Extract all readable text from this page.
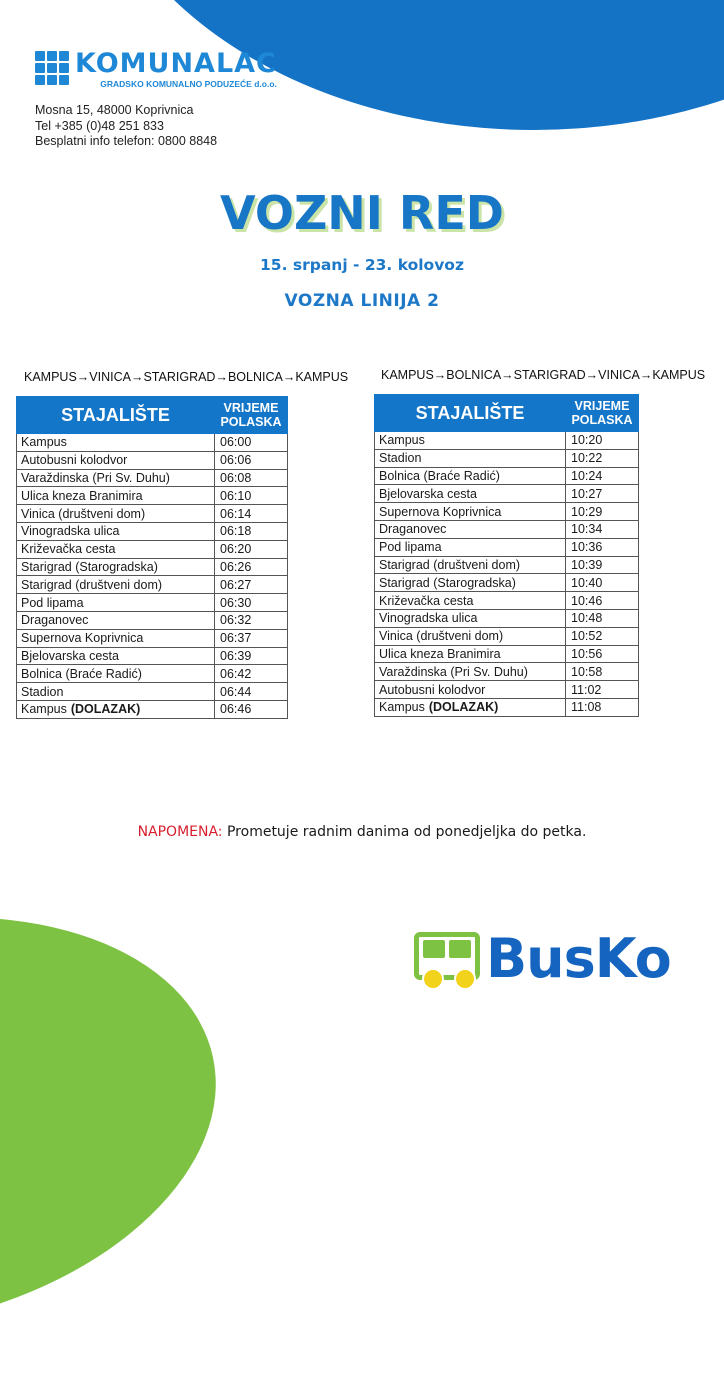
KOMUNALAC
GRADSKO KOMUNALNO PODUZEĆE d.o.o.
Mosna 15, 48000 Koprivnica
Tel +385 (0)48 251 833
Besplatni info telefon: 0800 8848
VOZNI RED
15. srpanj - 23. kolovoz
VOZNA LINIJA 2
KAMPUS→VINICA→STARIGRAD→BOLNICA→KAMPUS	KAMPUS→BOLNICA→STARIGRAD→VINICA→KAMPUS
STAJALIŠTE	VRIJEME
POLASKA

Kampus	06:00
Autobusni kolodvor	06:06
Varaždinska (Pri Sv. Duhu)	06:08
Ulica kneza Branimira	06:10
Vinica (društveni dom)	06:14
Vinogradska ulica	06:18
Križevačka cesta	06:20
Starigrad (Starogradska)	06:26
Starigrad (društveni dom)	06:27
Pod lipama	06:30
Draganovec	06:32
Supernova Koprivnica	06:37
Bjelovarska cesta	06:39
Bolnica (Braće Radić)	06:42
Stadion	06:44
Kampus (DOLAZAK)	06:46
STAJALIŠTE	VRIJEME
POLASKA

Kampus	10:20
Stadion	10:22
Bolnica (Braće Radić)	10:24
Bjelovarska cesta	10:27
Supernova Koprivnica	10:29
Draganovec	10:34
Pod lipama	10:36
Starigrad (društveni dom)	10:39
Starigrad (Starogradska)	10:40
Križevačka cesta	10:46
Vinogradska ulica	10:48
Vinica (društveni dom)	10:52
Ulica kneza Branimira	10:56
Varaždinska (Pri Sv. Duhu)	10:58
Autobusni kolodvor	11:02
Kampus (DOLAZAK)	11:08
NAPOMENA: Prometuje radnim danima od ponedjeljka do petka.
BusKo
